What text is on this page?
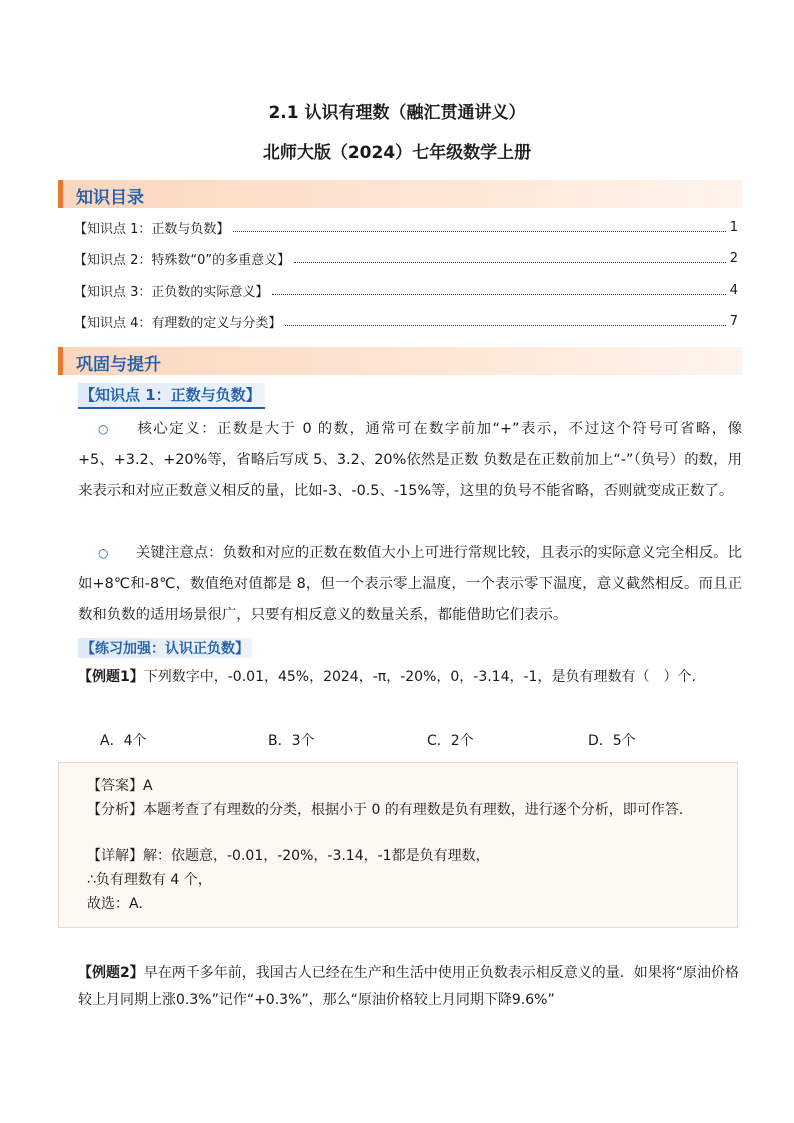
2.1 认识有理数（融汇贯通讲义）
北师大版（2024）七年级数学上册
知识目录
【知识点 1：正数与负数】	1
【知识点 2：特殊数“0”的多重意义】	2
【知识点 3：正负数的实际意义】	4
【知识点 4：有理数的定义与分类】	7
巩固与提升
【知识点 1：正数与负数】
○ 核心定义：正数是大于 0 的数，通常可在数字前加“+”表示，不过这个符号可省略，像+5、+3.2、+20%等，省略后写成 5、3.2、20%依然是正数 负数是在正数前加上“-”（负号）的数，用来表示和对应正数意义相反的量，比如-3、-0.5、-15%等，这里的负号不能省略，否则就变成正数了。
○ 关键注意点：负数和对应的正数在数值大小上可进行常规比较，且表示的实际意义完全相反。比如+8℃和-8℃，数值绝对值都是 8，但一个表示零上温度，一个表示零下温度，意义截然相反。而且正数和负数的适用场景很广，只要有相反意义的数量关系，都能借助它们表示。
【练习加强：认识正负数】
【例题1】下列数字中，-0.01，45%，2024，-π，-20%，0，-3.14，-1，是负有理数有（　）个.
A．4个	B．3个	C．2个	D．5个
【答案】A
【分析】本题考查了有理数的分类，根据小于 0 的有理数是负有理数，进行逐个分析，即可作答.
【详解】解：依题意，-0.01，-20%，-3.14，-1都是负有理数，
∴负有理数有 4 个，
故选：A.
【例题2】早在两千多年前，我国古人已经在生产和生活中使用正负数表示相反意义的量．如果将“原油价格较上月同期上涨0.3%”记作“+0.3%”，那么“原油价格较上月同期下降9.6%”
